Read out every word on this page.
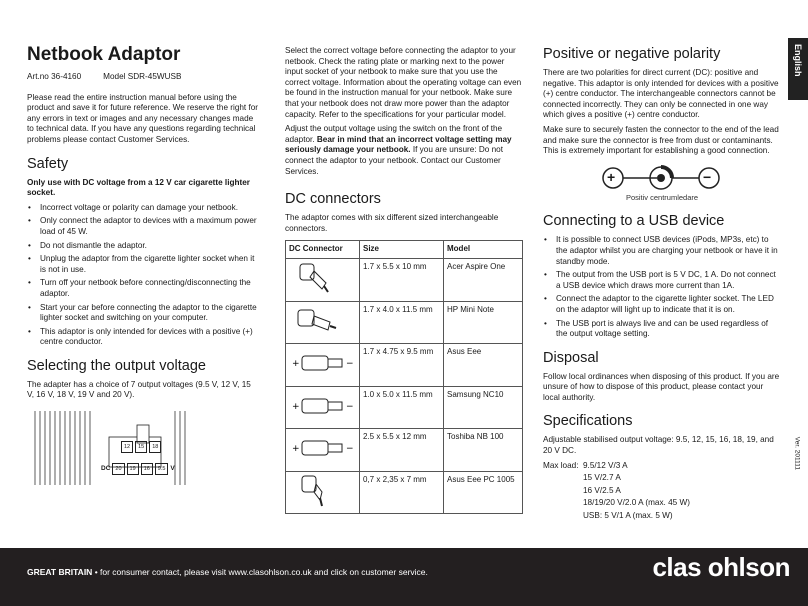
English
Netbook Adaptor
Art.no 36-4160	Model SDR-45WUSB

Please read the entire instruction manual before using the product and save it for future reference. We reserve the right for any errors in text or images and any necessary changes made to technical data. If you have any questions regarding technical problems please contact Customer Services.

Safety

Only use with DC voltage from a 12 V car cigarette lighter socket.

• Incorrect voltage or polarity can damage your netbook.
• Only connect the adaptor to devices with a maximum power load of 45 W.
• Do not dismantle the adaptor.
• Unplug the adaptor from the cigarette lighter socket when it is not in use.
• Turn off your netbook before connecting/disconnecting the adaptor.
• Start your car before connecting the adaptor to the cigarette lighter socket and switching on your computer.
• This adaptor is only intended for devices with a positive (+) centre conductor.
Selecting the output voltage

The adapter has a choice of 7 output voltages (9.5 V, 12 V, 15 V, 16 V, 18 V, 19 V and 20 V).

12	15	18
DC 20	19	16	9.5 V

Select the correct voltage before connecting the adaptor to your netbook. Check the rating plate or marking next to the power input socket of your netbook to make sure that you use the correct voltage. Information about the operating voltage can even be found in the instruction manual for your netbook. Make sure that your netbook does not draw more power than the adaptor capacity. Refer to the specifications for your particular model.

Adjust the output voltage using the switch on the front of the adaptor. Bear in mind that an incorrect voltage setting may seriously damage your netbook. If you are unsure: Do not connect the adaptor to your netbook. Contact our Customer Services.

DC connectors

The adaptor comes with six different sized interchangeable connectors.

DC Connector	Size	Model
	1.7 x 5.5 x 10 mm	Acer Aspire One
	1.7 x 4.0 x 11.5 mm	HP Mini Note

+ −	1.7 x 4.75 x 9.5 mm	Asus Eee

+ −	1.0 x 5.0 x 11.5 mm	Samsung NC10

+ −	2.5 x 5.5 x 12 mm	Toshiba NB 100
	0,7 x 2,35 x 7 mm	Asus Eee PC 1005
Positive or negative polarity

There are two polarities for direct current (DC): positive and negative. This adaptor is only intended for devices with a positive (+) centre conductor. The interchangeable connectors cannot be connected incorrectly. They can only be connected in one way which gives a positive (+) centre conductor.

Make sure to securely fasten the connector to the end of the lead and make sure the connector is free from dust or contaminants. This is extremely important for establishing a good connection.

+	−
Positiv centrumledare
Connecting to a USB device
• It is possible to connect USB devices (iPods, MP3s, etc) to the adaptor whilst you are charging your netbook or have it in standby mode.
• The output from the USB port is 5 V DC, 1 A. Do not connect a USB device which draws more current than 1A.
• Connect the adaptor to the cigarette lighter socket. The LED on the adaptor will light up to indicate that it is on.
• The USB port is always live and can be used regardless of the output voltage setting.
Disposal

Follow local ordinances when disposing of this product. If you are unsure of how to dispose of this product, please contact your local authority.

Specifications

Adjustable stabilised output voltage: 9.5, 12, 15, 16, 18, 19, and 20 V DC.

Max load: 9.5/12 V/3 A
15 V/2.7 A
16 V/2.5 A
18/19/20 V/2.0 A (max. 45 W)
USB: 5 V/1 A (max. 5 W)
Ver. 201111
GREAT BRITAIN • for consumer contact, please visit www.clasohlson.co.uk and click on customer service.	clas ohlson
